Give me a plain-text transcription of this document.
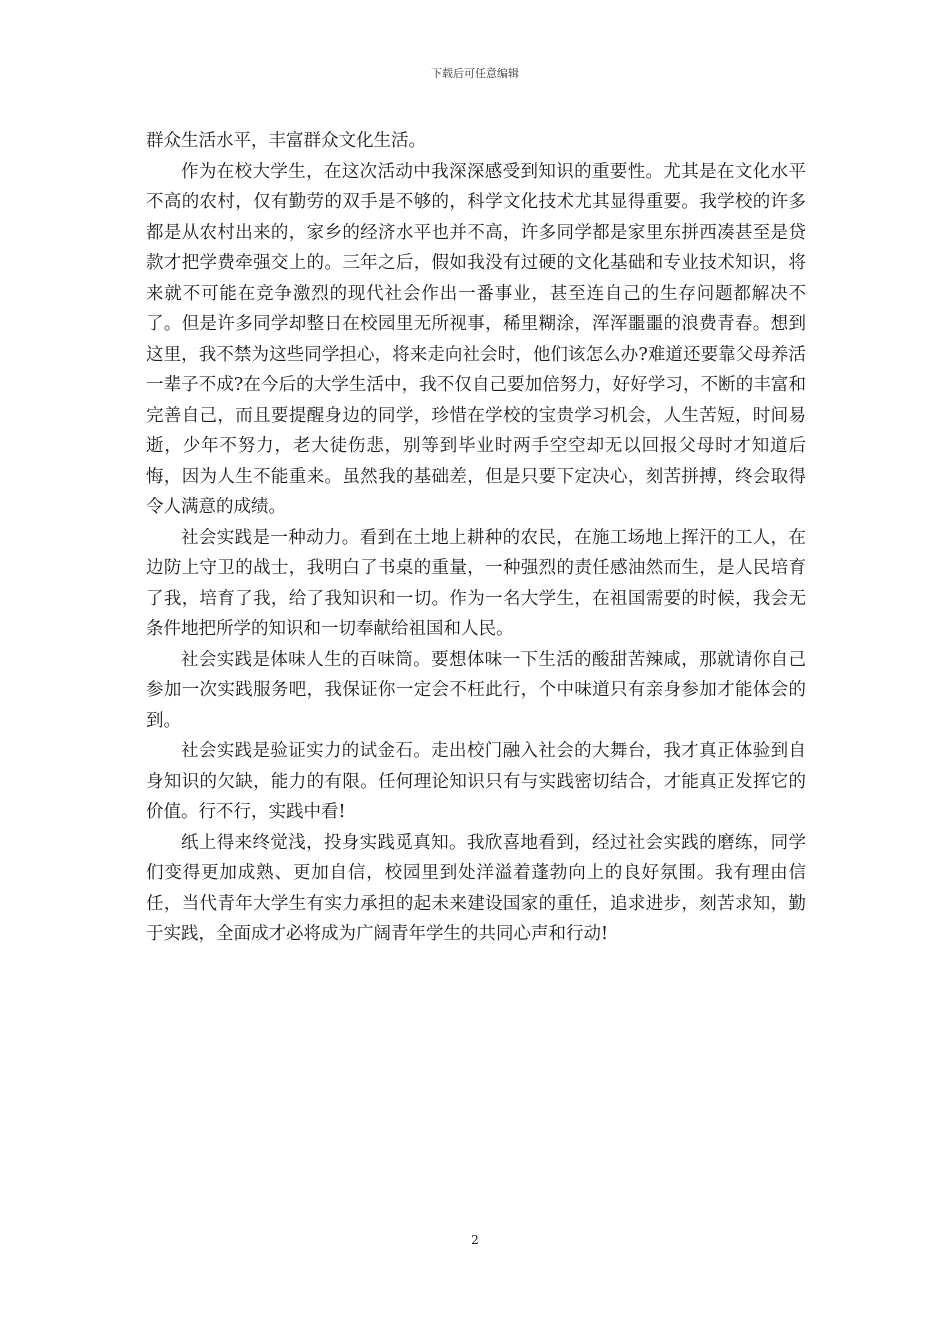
下载后可任意编辑

群众生活水平，丰富群众文化生活。

作为在校大学生，在这次活动中我深深感受到知识的重要性。尤其是在文化水平不高的农村，仅有勤劳的双手是不够的，科学文化技术尤其显得重要。我学校的许多都是从农村出来的，家乡的经济水平也并不高，许多同学都是家里东拼西凑甚至是贷款才把学费牵强交上的。三年之后，假如我没有过硬的文化基础和专业技术知识，将来就不可能在竞争激烈的现代社会作出一番事业，甚至连自己的生存问题都解决不了。但是许多同学却整日在校园里无所视事，稀里糊涂，浑浑噩噩的浪费青春。想到这里，我不禁为这些同学担心，将来走向社会时，他们该怎么办?难道还要靠父母养活一辈子不成?在今后的大学生活中，我不仅自己要加倍努力，好好学习，不断的丰富和完善自己，而且要提醒身边的同学，珍惜在学校的宝贵学习机会，人生苦短，时间易逝，少年不努力，老大徒伤悲，别等到毕业时两手空空却无以回报父母时才知道后悔，因为人生不能重来。虽然我的基础差，但是只要下定决心，刻苦拼搏，终会取得令人满意的成绩。

社会实践是一种动力。看到在土地上耕种的农民，在施工场地上挥汗的工人，在边防上守卫的战士，我明白了书桌的重量，一种强烈的责任感油然而生，是人民培育了我，培育了我，给了我知识和一切。作为一名大学生，在祖国需要的时候，我会无条件地把所学的知识和一切奉献给祖国和人民。

社会实践是体味人生的百味筒。要想体味一下生活的酸甜苦辣咸，那就请你自己参加一次实践服务吧，我保证你一定会不枉此行，个中味道只有亲身参加才能体会的到。

社会实践是验证实力的试金石。走出校门融入社会的大舞台，我才真正体验到自身知识的欠缺，能力的有限。任何理论知识只有与实践密切结合，才能真正发挥它的价值。行不行，实践中看!

纸上得来终觉浅，投身实践觅真知。我欣喜地看到，经过社会实践的磨练，同学们变得更加成熟、更加自信，校园里到处洋溢着蓬勃向上的良好氛围。我有理由信任，当代青年大学生有实力承担的起未来建设国家的重任，追求进步，刻苦求知，勤于实践，全面成才必将成为广阔青年学生的共同心声和行动!

2
